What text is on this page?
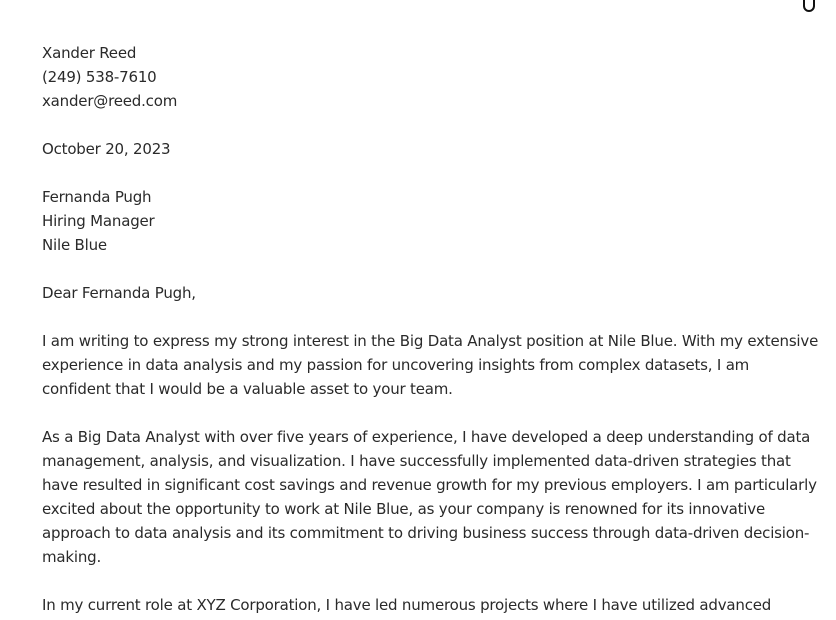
Xander Reed
(249) 538-7610
xander@reed.com
October 20, 2023
Fernanda Pugh
Hiring Manager
Nile Blue
Dear Fernanda Pugh,
I am writing to express my strong interest in the Big Data Analyst position at Nile Blue. With my extensive
experience in data analysis and my passion for uncovering insights from complex datasets, I am
confident that I would be a valuable asset to your team.
As a Big Data Analyst with over five years of experience, I have developed a deep understanding of data
management, analysis, and visualization. I have successfully implemented data-driven strategies that
have resulted in significant cost savings and revenue growth for my previous employers. I am particularly
excited about the opportunity to work at Nile Blue, as your company is renowned for its innovative
approach to data analysis and its commitment to driving business success through data-driven decision-
making.
In my current role at XYZ Corporation, I have led numerous projects where I have utilized advanced
